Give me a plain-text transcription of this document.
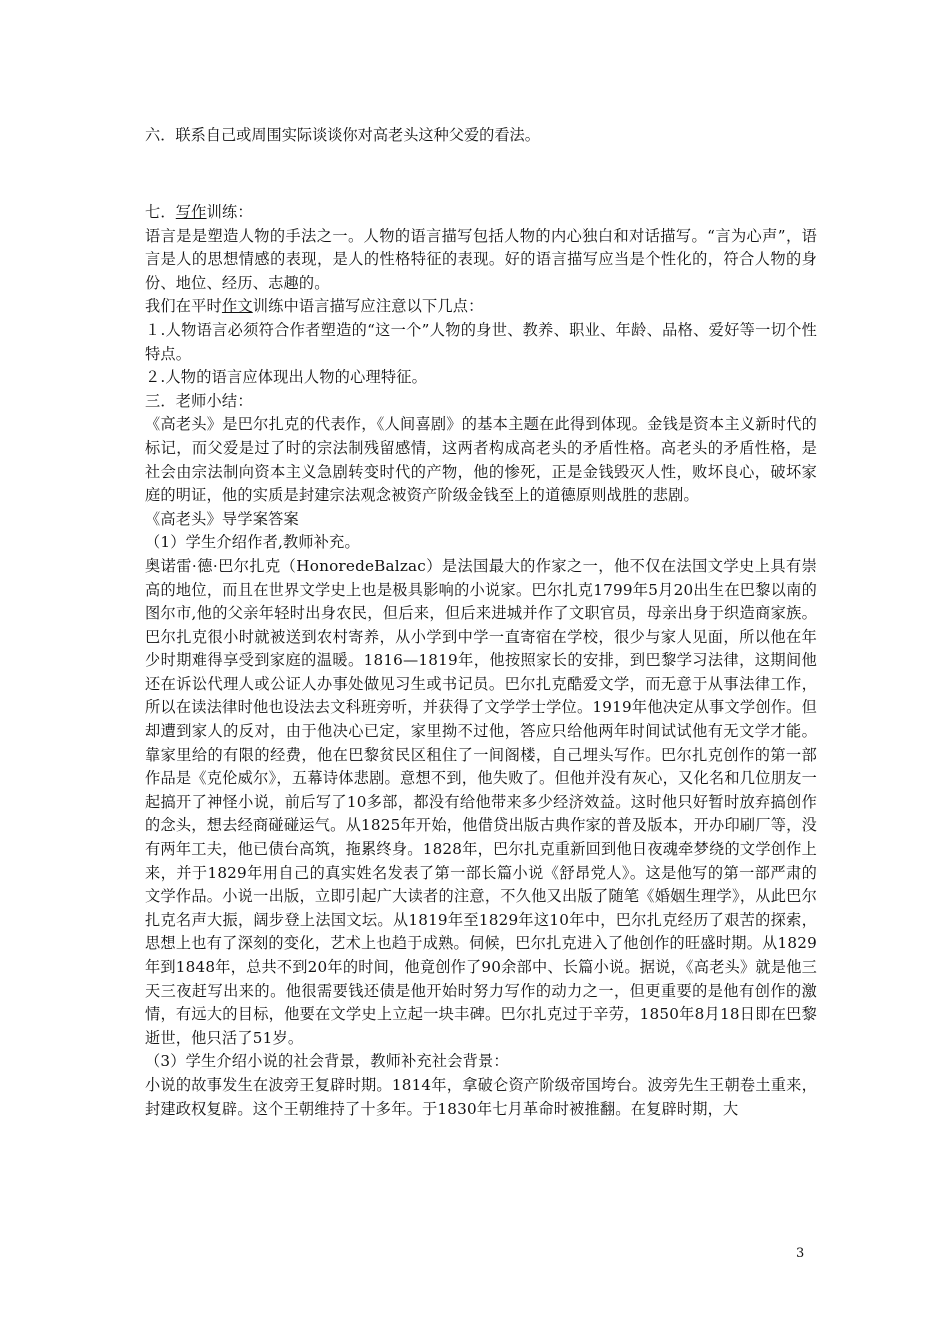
六．联系自己或周围实际谈谈你对高老头这种父爱的看法。

七．写作训练：

语言是是塑造人物的手法之一。人物的语言描写包括人物的内心独白和对话描写。“言为心声”，语言是人的思想情感的表现，是人的性格特征的表现。好的语言描写应当是个性化的，符合人物的身份、地位、经历、志趣的。

我们在平时作文训练中语言描写应注意以下几点：

１.人物语言必须符合作者塑造的“这一个”人物的身世、教养、职业、年龄、品格、爱好等一切个性特点。

２.人物的语言应体现出人物的心理特征。

三．老师小结：

《高老头》是巴尔扎克的代表作，《人间喜剧》的基本主题在此得到体现。金钱是资本主义新时代的标记，而父爱是过了时的宗法制残留感情，这两者构成高老头的矛盾性格。高老头的矛盾性格，是社会由宗法制向资本主义急剧转变时代的产物，他的惨死，正是金钱毁灭人性，败坏良心，破坏家庭的明证，他的实质是封建宗法观念被资产阶级金钱至上的道德原则战胜的悲剧。

《高老头》导学案答案

（1）学生介绍作者,教师补充。

奥诺雷·德·巴尔扎克（HonoredeBalzac）是法国最大的作家之一，他不仅在法国文学史上具有崇高的地位，而且在世界文学史上也是极具影响的小说家。巴尔扎克1799年5月20出生在巴黎以南的图尔市,他的父亲年轻时出身农民，但后来，但后来进城并作了文职官员，母亲出身于织造商家族。巴尔扎克很小时就被送到农村寄养，从小学到中学一直寄宿在学校，很少与家人见面，所以他在年少时期难得享受到家庭的温暖。1816—1819年，他按照家长的安排，到巴黎学习法律，这期间他还在诉讼代理人或公证人办事处做见习生或书记员。巴尔扎克酷爱文学，而无意于从事法律工作，所以在读法律时他也设法去文科班旁听，并获得了文学学士学位。1919年他决定从事文学创作。但却遭到家人的反对，由于他决心已定，家里拗不过他，答应只给他两年时间试试他有无文学才能。靠家里给的有限的经费，他在巴黎贫民区租住了一间阁楼，自己埋头写作。巴尔扎克创作的第一部作品是《克伦威尔》，五幕诗体悲剧。意想不到，他失败了。但他并没有灰心，又化名和几位朋友一起搞开了神怪小说，前后写了10多部，都没有给他带来多少经济效益。这时他只好暂时放弃搞创作的念头，想去经商碰碰运气。从1825年开始，他借贷出版古典作家的普及版本，开办印刷厂等，没有两年工夫，他已债台高筑，拖累终身。1828年，巴尔扎克重新回到他日夜魂牵梦绕的文学创作上来，并于1829年用自己的真实姓名发表了第一部长篇小说《舒昂党人》。这是他写的第一部严肃的文学作品。小说一出版，立即引起广大读者的注意，不久他又出版了随笔《婚姻生理学》，从此巴尔扎克名声大振，阔步登上法国文坛。从1819年至1829年这10年中，巴尔扎克经历了艰苦的探索，思想上也有了深刻的变化，艺术上也趋于成熟。伺候，巴尔扎克进入了他创作的旺盛时期。从1829年到1848年，总共不到20年的时间，他竟创作了90余部中、长篇小说。据说，《高老头》就是他三天三夜赶写出来的。他很需要钱还债是他开始时努力写作的动力之一，但更重要的是他有创作的激情，有远大的目标，他要在文学史上立起一块丰碑。巴尔扎克过于辛劳，1850年8月18日即在巴黎逝世，他只活了51岁。

（3）学生介绍小说的社会背景，教师补充社会背景：

小说的故事发生在波旁王复辟时期。1814年，拿破仑资产阶级帝国垮台。波旁先生王朝卷土重来，封建政权复辟。这个王朝维持了十多年。于1830年七月革命时被推翻。在复辟时期，大

3
